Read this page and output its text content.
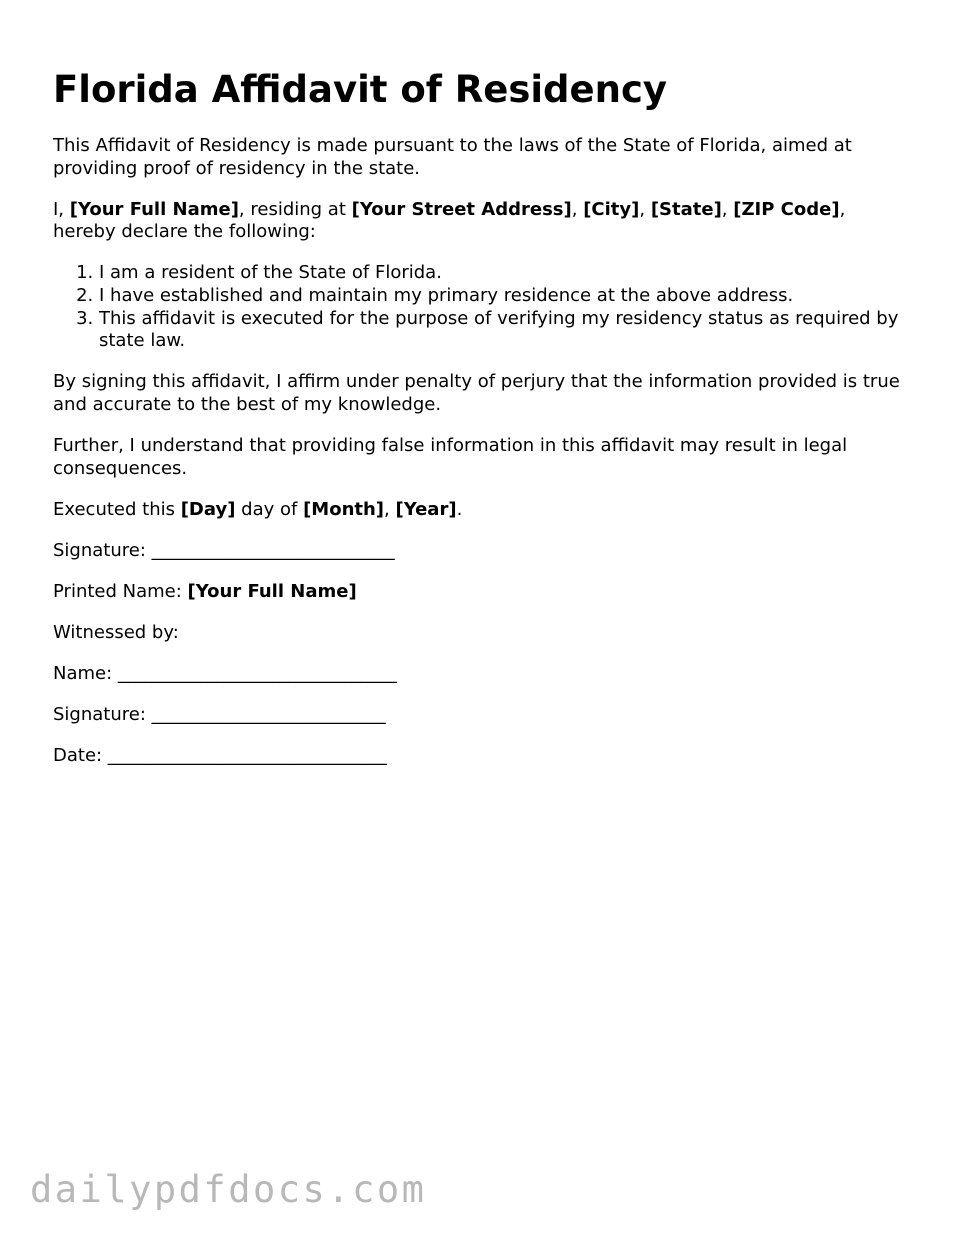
Florida Affidavit of Residency

This Affidavit of Residency is made pursuant to the laws of the State of Florida, aimed at providing proof of residency in the state.

I, [Your Full Name], residing at [Your Street Address], [City], [State], [ZIP Code], hereby declare the following:

1. I am a resident of the State of Florida.
2. I have established and maintain my primary residence at the above address.
3. This affidavit is executed for the purpose of verifying my residency status as required by state law.

By signing this affidavit, I affirm under penalty of perjury that the information provided is true and accurate to the best of my knowledge.

Further, I understand that providing false information in this affidavit may result in legal consequences.

Executed this [Day] day of [Month], [Year].

Signature: ___________________________

Printed Name: [Your Full Name]

Witnessed by:

Name: _______________________________

Signature: __________________________

Date: _______________________________

dailypdfdocs.com
